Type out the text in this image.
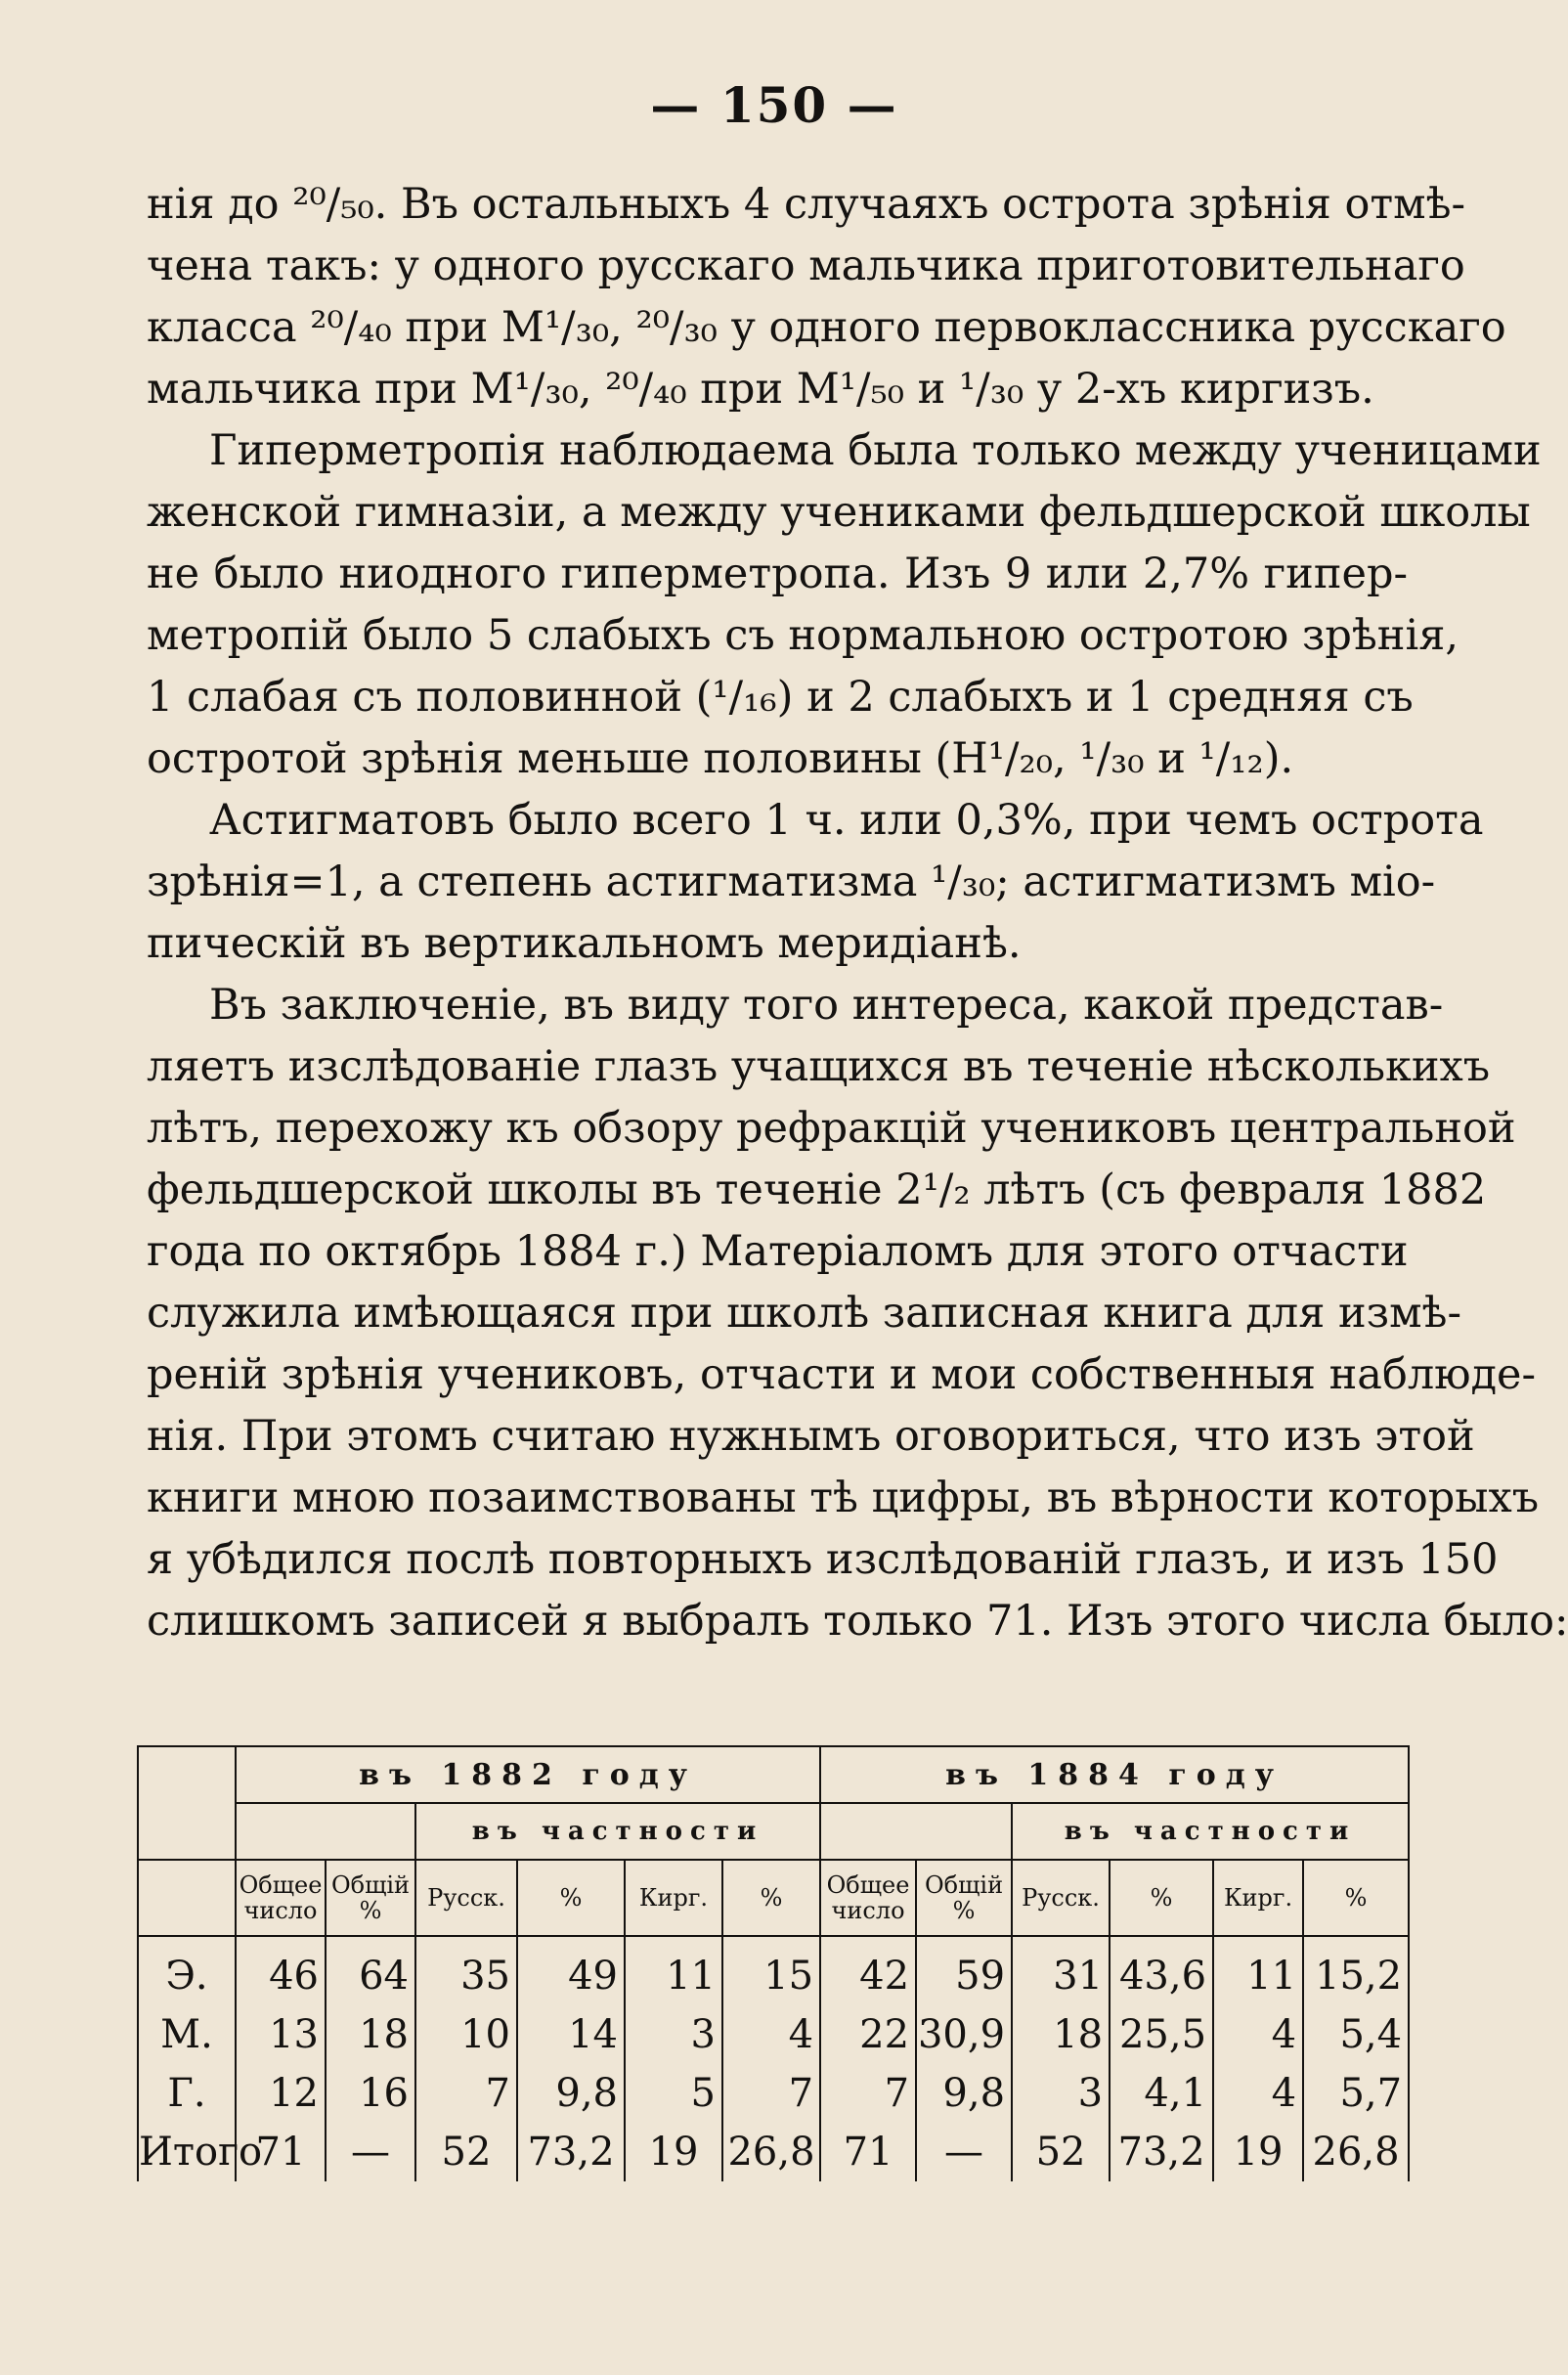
— 150 —
нія до ²⁰/₅₀. Въ остальныхъ 4 случаяхъ острота зрѣнія отмѣ-
чена такъ: у одного русскаго мальчика приготовительнаго
класса ²⁰/₄₀ при M¹/₃₀, ²⁰/₃₀ у одного первоклассника русскаго
мальчика при M¹/₃₀, ²⁰/₄₀ при M¹/₅₀ и ¹/₃₀ у 2-хъ киргизъ.
Гиперметропія наблюдаема была только между ученицами
женской гимназіи, а между учениками фельдшерской школы
не было ниодного гиперметропа. Изъ 9 или 2,7% гипер-
метропій было 5 слабыхъ съ нормальною остротою зрѣнія,
1 слабая съ половинной (¹/₁₆) и 2 слабыхъ и 1 средняя съ
остротой зрѣнія меньше половины (H¹/₂₀, ¹/₃₀ и ¹/₁₂).
Астигматовъ было всего 1 ч. или 0,3%, при чемъ острота
зрѣнія=1, а степень астигматизма ¹/₃₀; астигматизмъ міо-
пическій въ вертикальномъ меридіанѣ.
Въ заключеніе, въ виду того интереса, какой представ-
ляетъ изслѣдованіе глазъ учащихся въ теченіе нѣсколькихъ
лѣтъ, перехожу къ обзору рефракцій учениковъ центральной
фельдшерской школы въ теченіе 2¹/₂ лѣтъ (съ февраля 1882
года по октябрь 1884 г.) Матеріаломъ для этого отчасти
служила имѣющаяся при школѣ записная книга для измѣ-
реній зрѣнія учениковъ, отчасти и мои собственныя наблюде-
нія. При этомъ считаю нужнымъ оговориться, что изъ этой
книги мною позаимствованы тѣ цифры, въ вѣрности которыхъ
я убѣдился послѣ повторныхъ изслѣдованій глазъ, и изъ 150
слишкомъ записей я выбралъ только 71. Изъ этого числа было:
	въ 1882 году						въ 1884 году					
			въ частности						въ частности			
	Общее число	Общій %	Русск.	%	Кирг.	%	Общее число	Общій %	Русск.	%	Кирг.	%
Э.	46	64	35	49	11	15	42	59	31	43,6	11	15,2
М.	13	18	10	14	3	4	22	30,9	18	25,5	4	5,4
Г.	12	16	7	9,8	5	7	7	9,8	3	4,1	4	5,7
Итого	71	—	52	73,2	19	26,8	71	—	52	73,2	19	26,8
